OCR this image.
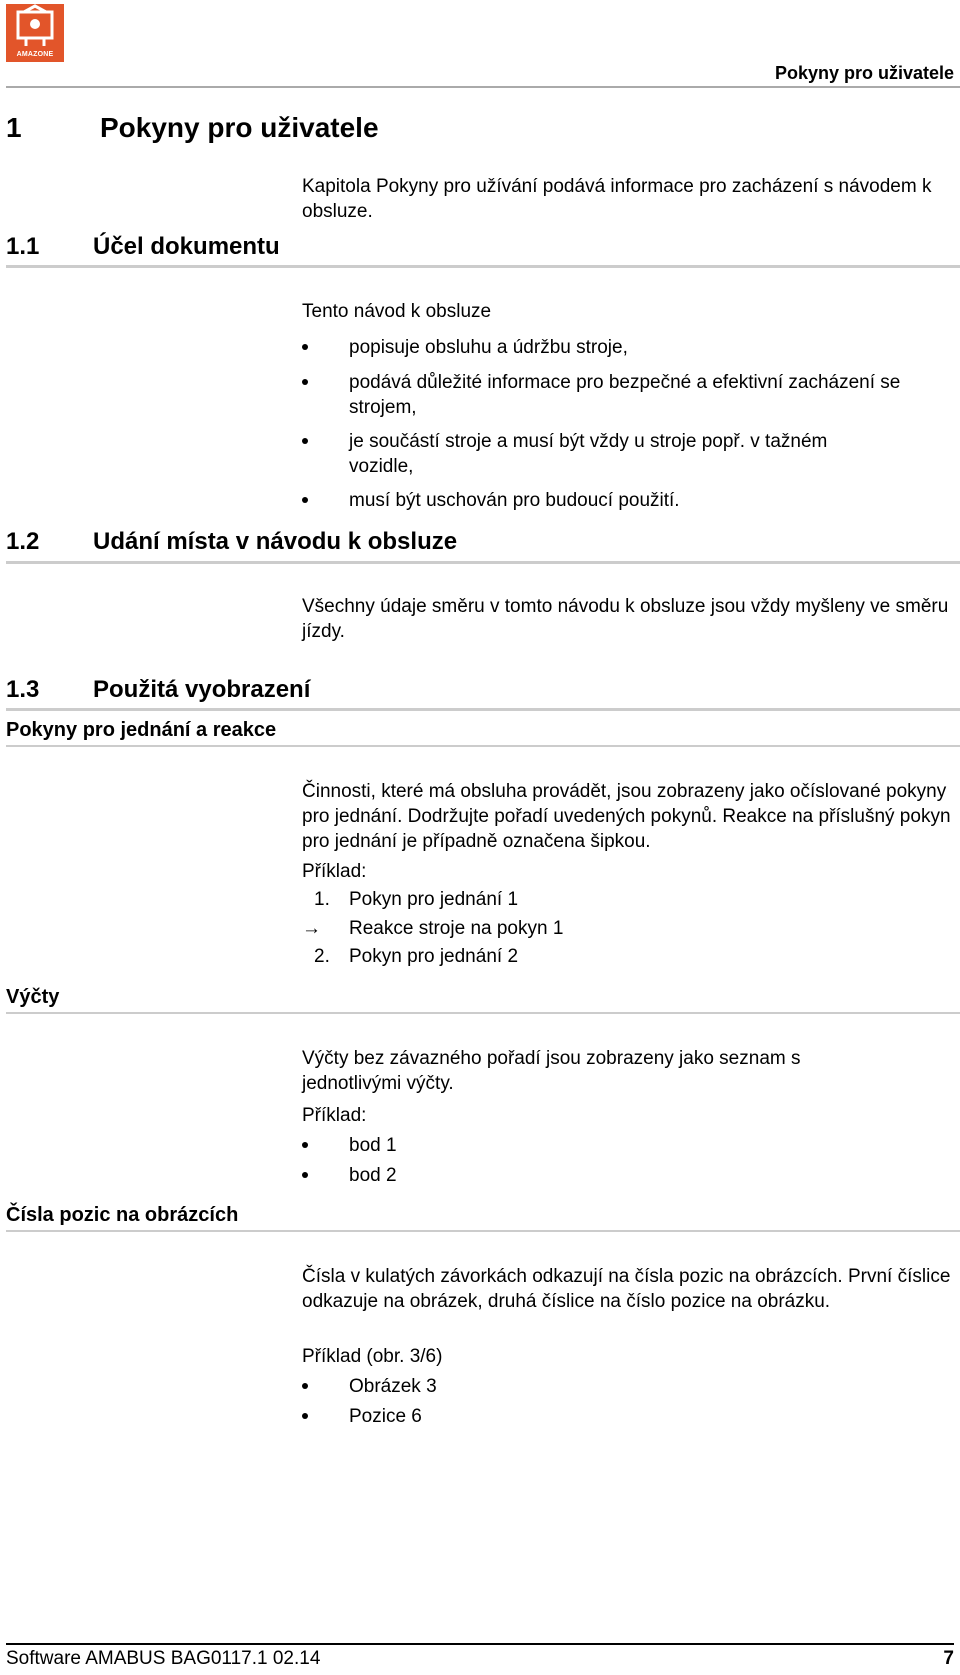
AMAZONE
Pokyny pro uživatele
1	Pokyny pro uživatele
Kapitola Pokyny pro užívání podává informace pro zacházení s návodem k obsluze.
1.1 Účel dokumentu
Tento návod k obsluze
popisuje obsluhu a údržbu stroje,
podává důležité informace pro bezpečné a efektivní zacházení se strojem,
je součástí stroje a musí být vždy u stroje popř. v tažném vozidle,
musí být uschován pro budoucí použití.
1.2 Udání místa v návodu k obsluze
Všechny údaje směru v tomto návodu k obsluze jsou vždy myšleny ve směru jízdy.
1.3 Použitá vyobrazení
Pokyny pro jednání a reakce
Činnosti, které má obsluha provádět, jsou zobrazeny jako očíslované pokyny pro jednání. Dodržujte pořadí uvedených pokynů. Reakce na příslušný pokyn pro jednání je případně označena šipkou.
Příklad:
1. Pokyn pro jednání 1
→ Reakce stroje na pokyn 1
2. Pokyn pro jednání 2
Výčty
Výčty bez závazného pořadí jsou zobrazeny jako seznam s jednotlivými výčty.
Příklad:
bod 1
bod 2
Čísla pozic na obrázcích
Čísla v kulatých závorkách odkazují na čísla pozic na obrázcích. První číslice odkazuje na obrázek, druhá číslice na číslo pozice na obrázku.
Příklad (obr. 3/6)
Obrázek 3
Pozice 6
Software AMABUS BAG0117.1 02.14	7
